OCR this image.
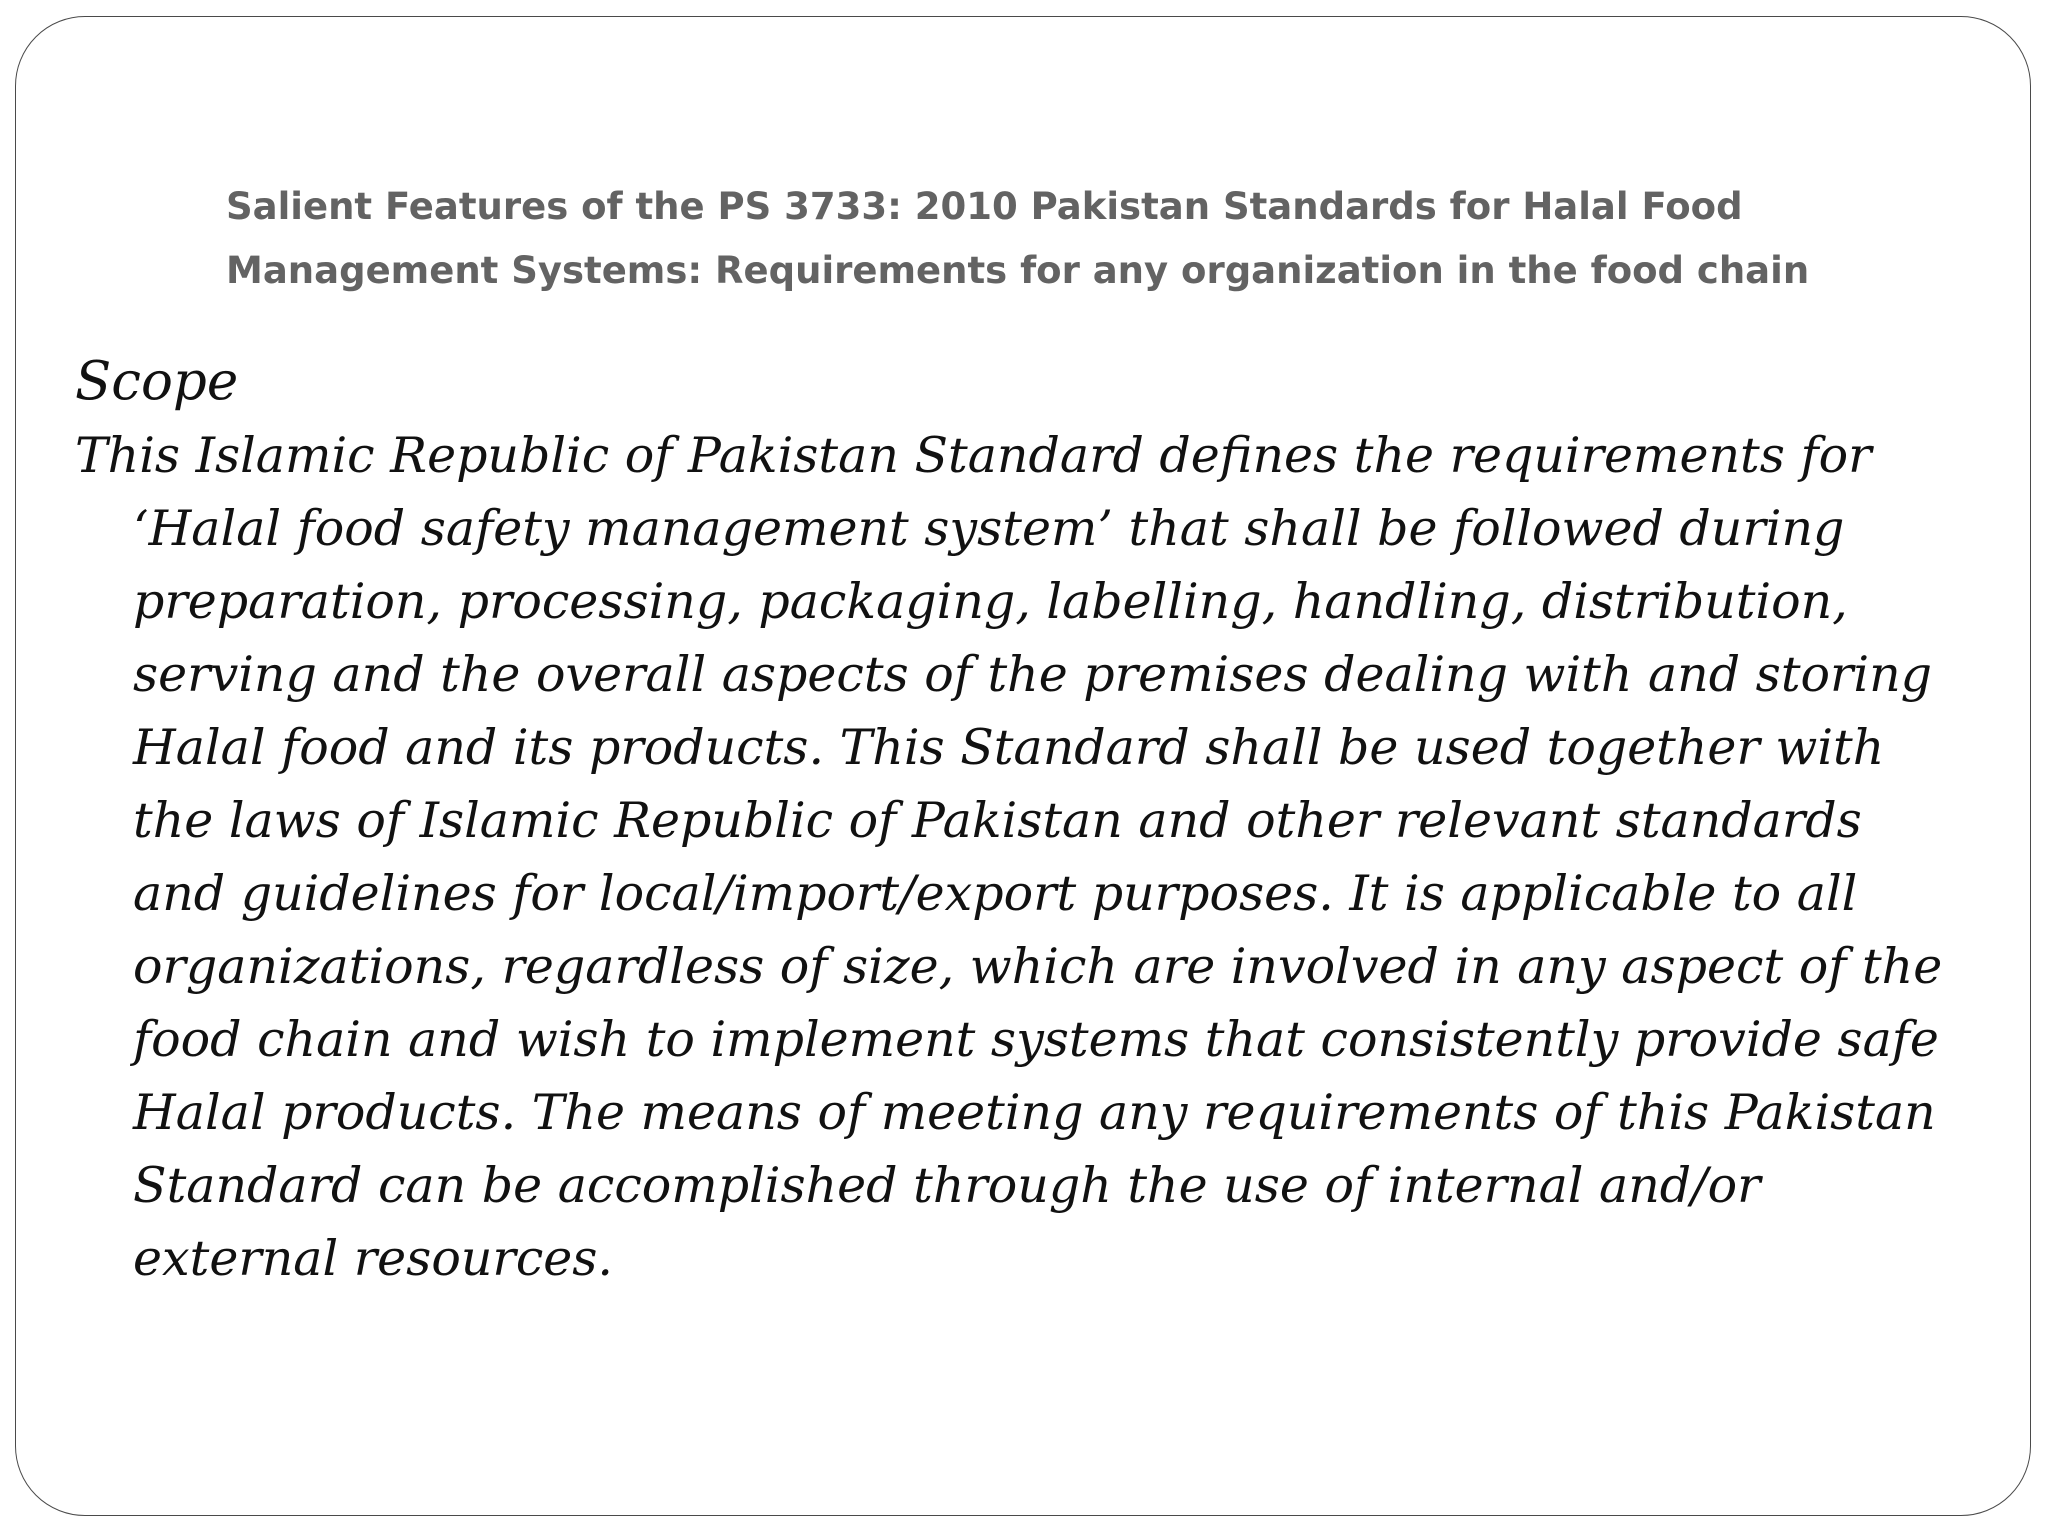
Salient Features of the PS 3733: 2010 Pakistan Standards for Halal Food
Management Systems: Requirements for any organization in the food chain

Scope

This Islamic Republic of Pakistan Standard defines the requirements for
‘Halal food safety management system’ that shall be followed during
preparation, processing, packaging, labelling, handling, distribution,
serving and the overall aspects of the premises dealing with and storing
Halal food and its products. This Standard shall be used together with
the laws of Islamic Republic of Pakistan and other relevant standards
and guidelines for local/import/export purposes. It is applicable to all
organizations, regardless of size, which are involved in any aspect of the
food chain and wish to implement systems that consistently provide safe
Halal products. The means of meeting any requirements of this Pakistan
Standard can be accomplished through the use of internal and/or
external resources.
